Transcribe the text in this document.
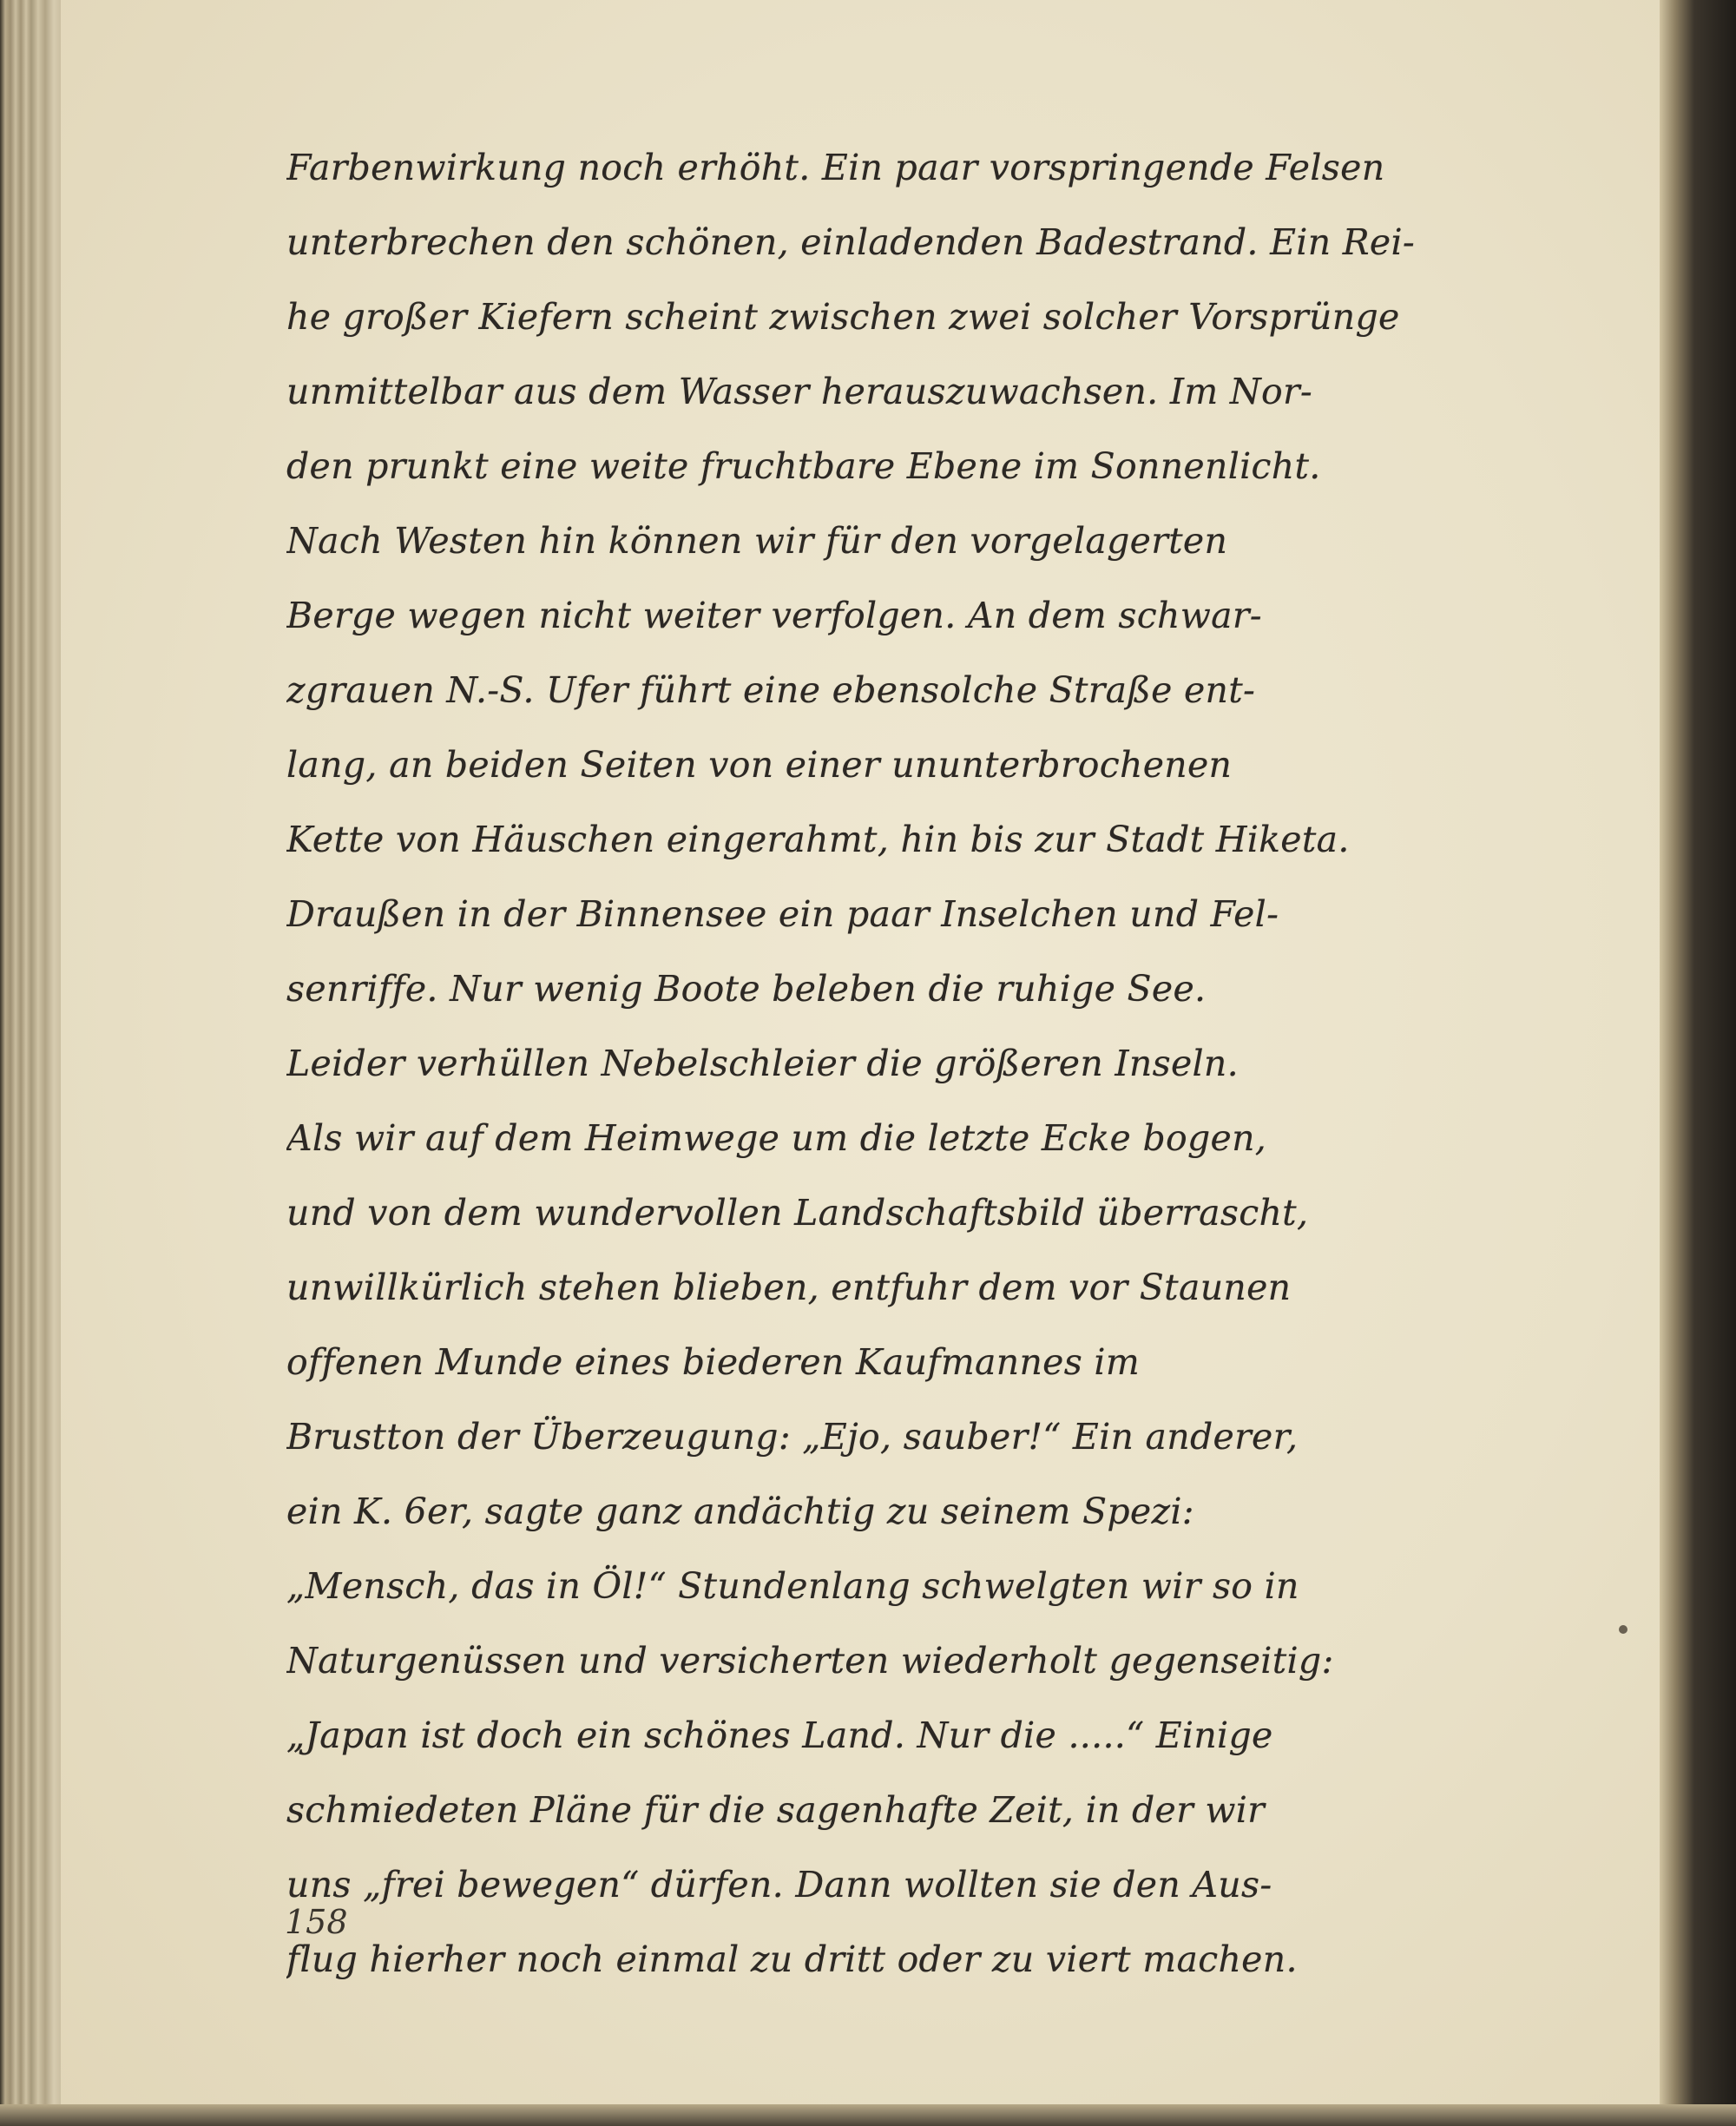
Farbenwirkung noch erhöht. Ein paar vorspringende Felsen
unterbrechen den schönen, einladenden Badestrand. Ein Rei-
he großer Kiefern scheint zwischen zwei solcher Vorsprünge
unmittelbar aus dem Wasser herauszuwachsen. Im Nor-
den prunkt eine weite fruchtbare Ebene im Sonnenlicht.
Nach Westen hin können wir für den vorgelagerten
Berge wegen nicht weiter verfolgen. An dem schwar-
zgrauen N.-S. Ufer führt eine ebensolche Straße ent-
lang, an beiden Seiten von einer ununterbrochenen
Kette von Häuschen eingerahmt, hin bis zur Stadt Hiketa.
Draußen in der Binnensee ein paar Inselchen und Fel-
senriffe. Nur wenig Boote beleben die ruhige See.
Leider verhüllen Nebelschleier die größeren Inseln.
Als wir auf dem Heimwege um die letzte Ecke bogen,
und von dem wundervollen Landschaftsbild überrascht,
unwillkürlich stehen blieben, entfuhr dem vor Staunen
offenen Munde eines biederen Kaufmannes im
Brustton der Überzeugung: „Ejo, sauber!“ Ein anderer,
ein K. 6er, sagte ganz andächtig zu seinem Spezi:
„Mensch, das in Öl!“ Stundenlang schwelgten wir so in
Naturgenüssen und versicherten wiederholt gegenseitig:
„Japan ist doch ein schönes Land. Nur die .....“ Einige
schmiedeten Pläne für die sagenhafte Zeit, in der wir
uns „frei bewegen“ dürfen. Dann wollten sie den Aus-
flug hierher noch einmal zu dritt oder zu viert machen.
158
